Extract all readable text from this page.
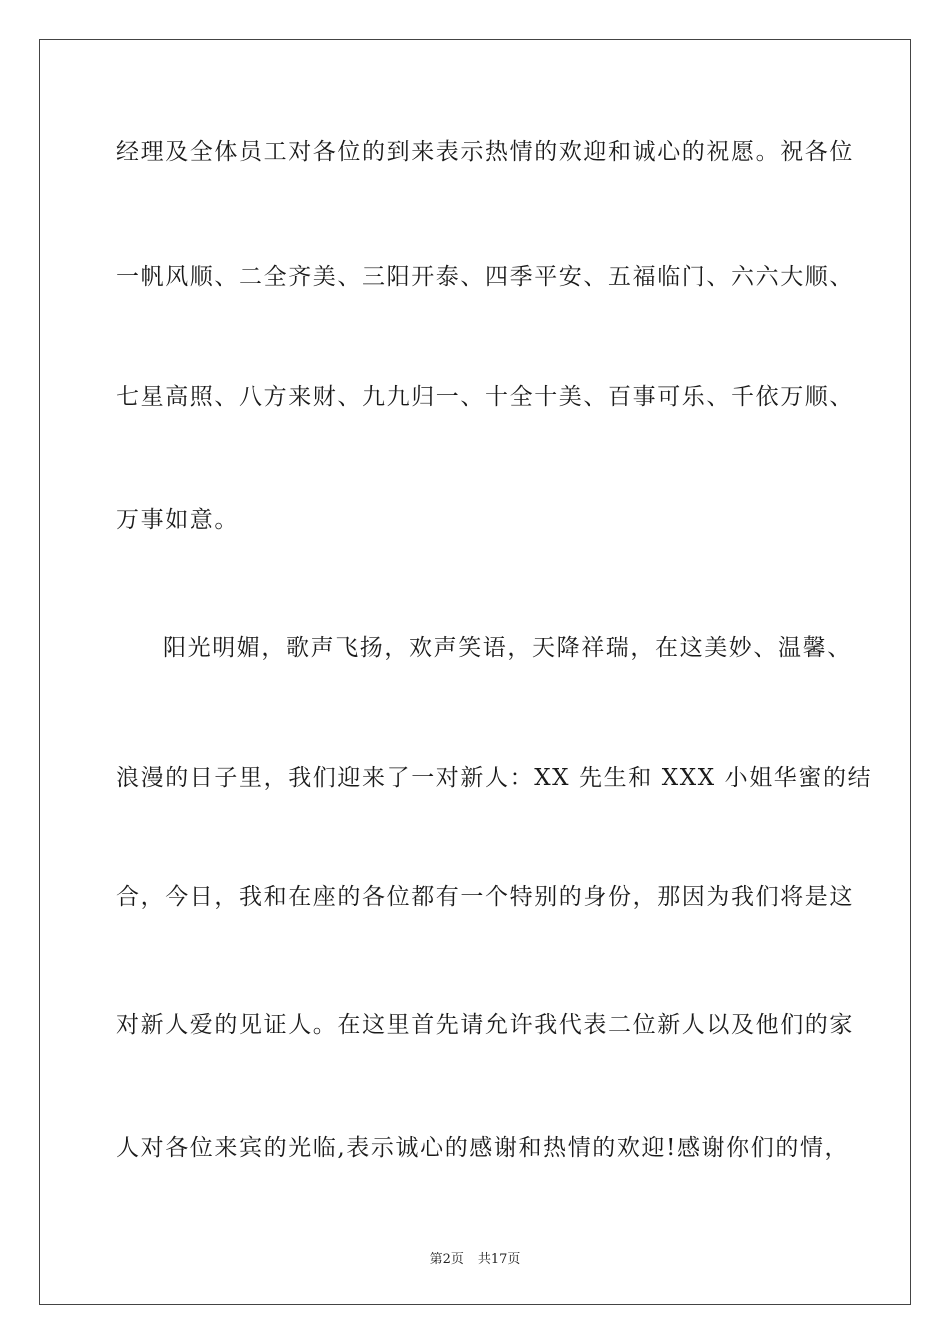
经理及全体员工对各位的到来表示热情的欢迎和诚心的祝愿。祝各位
一帆风顺、二全齐美、三阳开泰、四季平安、五福临门、六六大顺、
七星高照、八方来财、九九归一、十全十美、百事可乐、千依万顺、
万事如意。
阳光明媚，歌声飞扬，欢声笑语，天降祥瑞，在这美妙、温馨、
浪漫的日子里，我们迎来了一对新人：XX 先生和 XXX 小姐华蜜的结
合，今日，我和在座的各位都有一个特别的身份，那因为我们将是这
对新人爱的见证人。在这里首先请允许我代表二位新人以及他们的家
人对各位来宾的光临,表示诚心的感谢和热情的欢迎!感谢你们的情，
第2页 共17页
